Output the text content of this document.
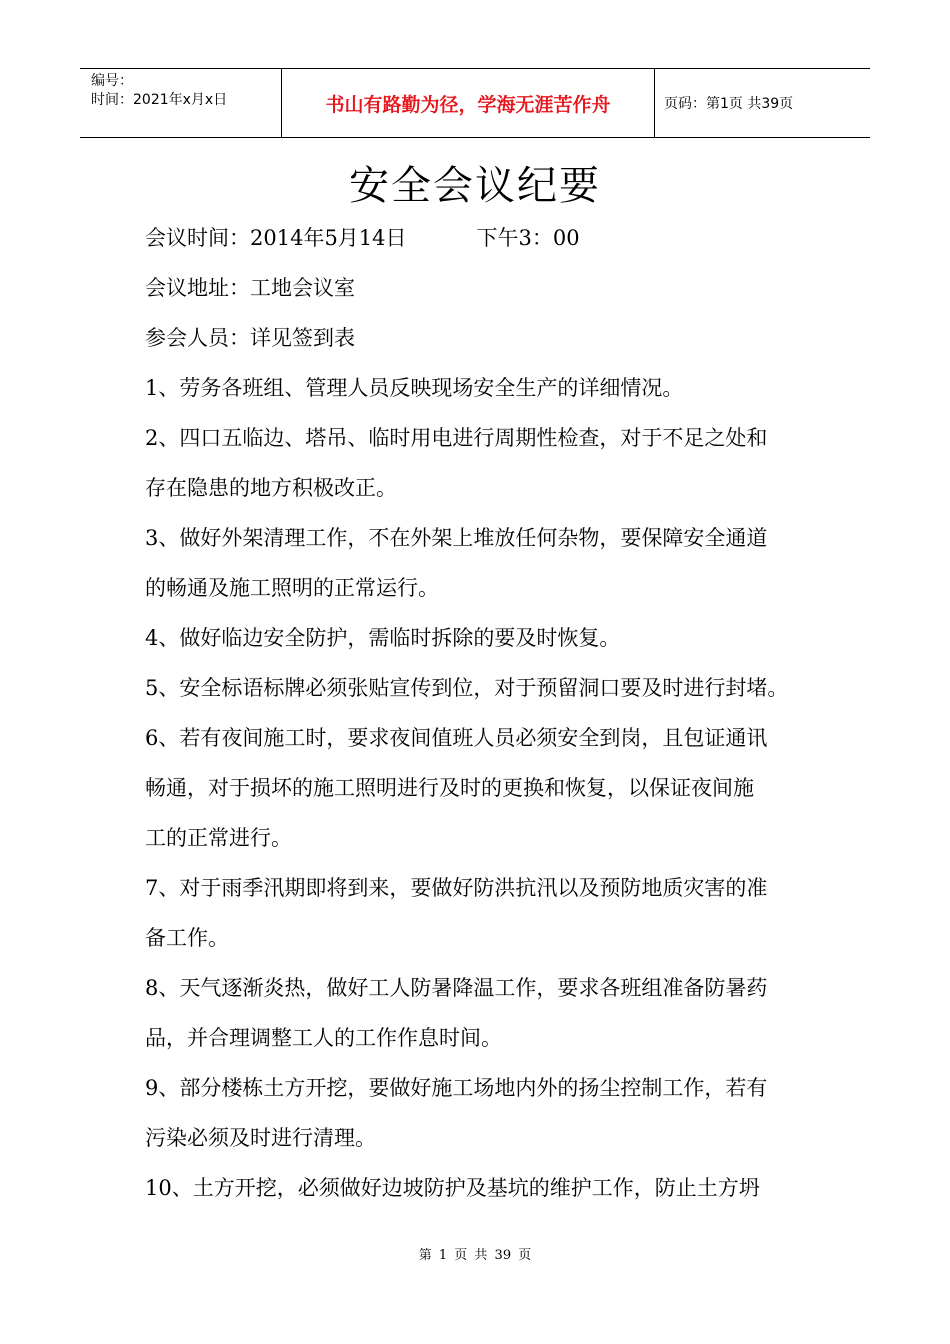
编号：
时间：2021年x月x日	书山有路勤为径，学海无涯苦作舟	页码：第1页 共39页
安全会议纪要
会议时间：2014年5月14日	下午3：00
会议地址：工地会议室
参会人员：详见签到表
1、劳务各班组、管理人员反映现场安全生产的详细情况。
2、四口五临边、塔吊、临时用电进行周期性检查，对于不足之处和
存在隐患的地方积极改正。
3、做好外架清理工作，不在外架上堆放任何杂物，要保障安全通道
的畅通及施工照明的正常运行。
4、做好临边安全防护，需临时拆除的要及时恢复。
5、安全标语标牌必须张贴宣传到位，对于预留洞口要及时进行封堵。
6、若有夜间施工时，要求夜间值班人员必须安全到岗，且包证通讯
畅通，对于损坏的施工照明进行及时的更换和恢复，以保证夜间施
工的正常进行。
7、对于雨季汛期即将到来，要做好防洪抗汛以及预防地质灾害的准
备工作。
8、天气逐渐炎热，做好工人防暑降温工作，要求各班组准备防暑药
品，并合理调整工人的工作作息时间。
9、部分楼栋土方开挖，要做好施工场地内外的扬尘控制工作，若有
污染必须及时进行清理。
10、土方开挖，必须做好边坡防护及基坑的维护工作，防止土方坍
第 1 页 共 39 页
